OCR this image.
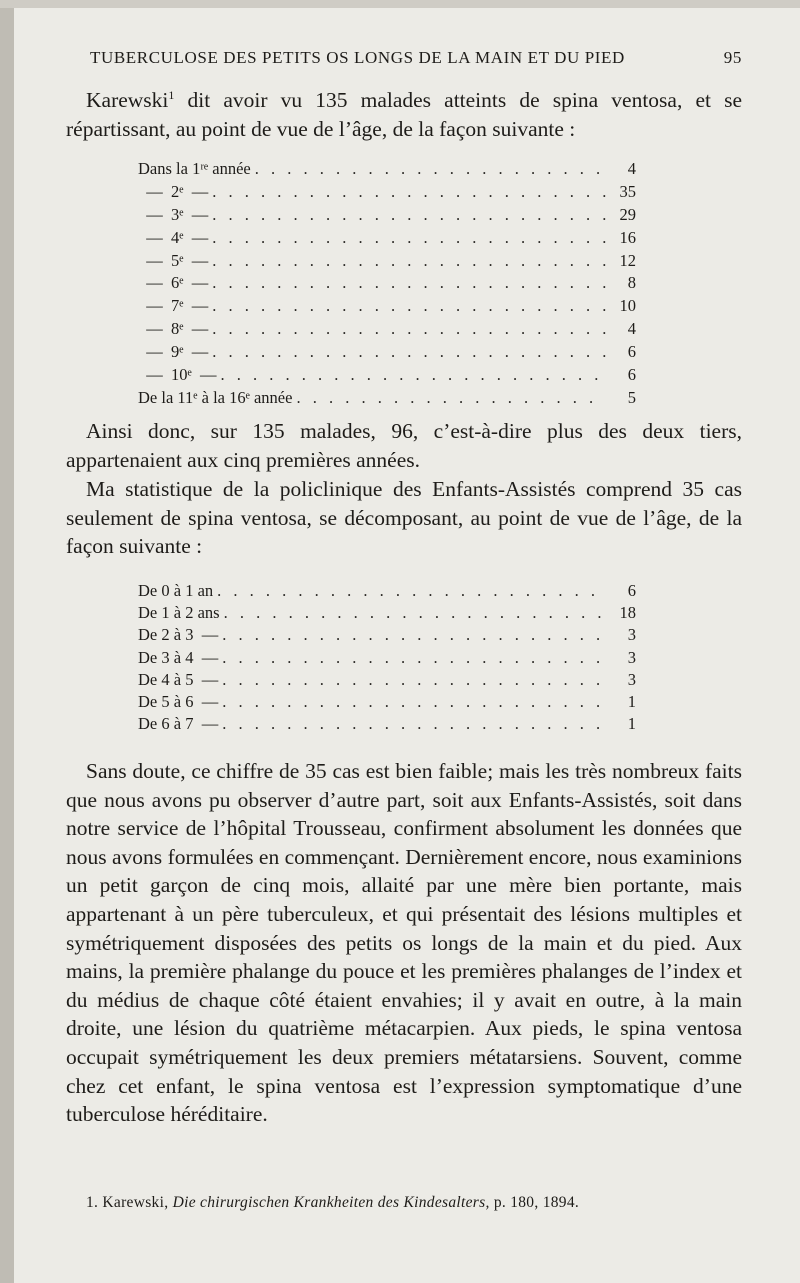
TUBERCULOSE DES PETITS OS LONGS DE LA MAIN ET DU PIED	95

Karewski$^1$ dit avoir vu 135 malades atteints de spina ventosa, et se répartissant, au point de vue de l’âge, de la façon suivante :

Dans la 1ʳᵉ année . . .	4
—  2ᵉ  — . . .	35
—  3ᵉ  — . . .	29
—  4ᵉ  — . . .	16
—  5ᵉ  — . . .	12
—  6ᵉ  — . . .	8
—  7ᵉ  — . . .	10
—  8ᵉ  — . . .	4
—  9ᵉ  — . . .	6
—  10ᵉ  — . . .	6
De la 11ᵉ à la 16ᵉ année . . .	5

Ainsi donc, sur 135 malades, 96, c’est-à-dire plus des deux tiers, appartenaient aux cinq premières années.

Ma statistique de la policlinique des Enfants-Assistés comprend 35 cas seulement de spina ventosa, se décomposant, au point de vue de l’âge, de la façon suivante :

De 0 à 1 an . . .	6
De 1 à 2 ans . . .	18
De 2 à 3  — . . .	3
De 3 à 4  — . . .	3
De 4 à 5  — . . .	3
De 5 à 6  — . . .	1
De 6 à 7  — . . .	1

Sans doute, ce chiffre de 35 cas est bien faible; mais les très nombreux faits que nous avons pu observer d’autre part, soit aux Enfants-Assistés, soit dans notre service de l’hôpital Trousseau, confirment absolument les données que nous avons formulées en commençant. Dernièrement encore, nous examinions un petit garçon de cinq mois, allaité par une mère bien portante, mais appartenant à un père tuberculeux, et qui présentait des lésions multiples et symétriquement disposées des petits os longs de la main et du pied. Aux mains, la première phalange du pouce et les premières phalanges de l’index et du médius de chaque côté étaient envahies; il y avait en outre, à la main droite, une lésion du quatrième métacarpien. Aux pieds, le spina ventosa occupait symétriquement les deux premiers métatarsiens. Souvent, comme chez cet enfant, le spina ventosa est l’expression symptomatique d’une tuberculose héréditaire.

1. Karewski, Die chirurgischen Krankheiten des Kindesalters, p. 180, 1894.
